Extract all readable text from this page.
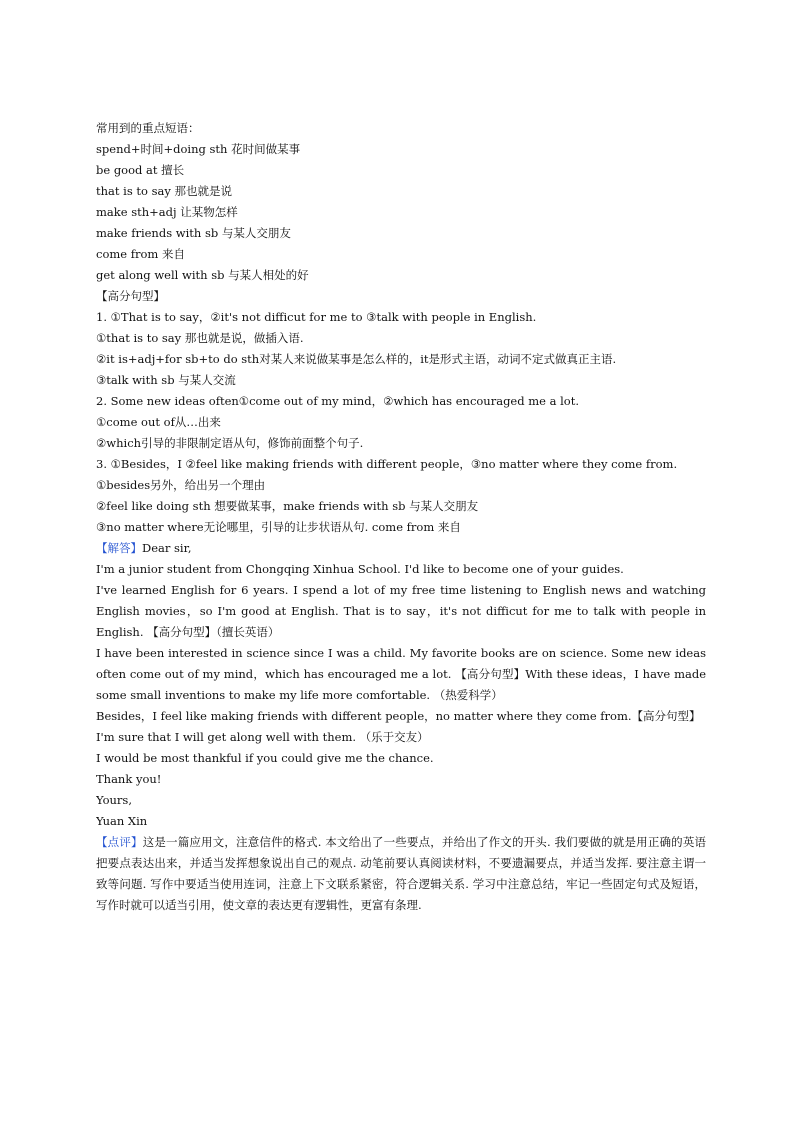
常用到的重点短语：
spend+时间+doing sth 花时间做某事
be good at 擅长
that is to say 那也就是说
make sth+adj 让某物怎样
make friends with sb 与某人交朋友
come from 来自
get along well with sb 与某人相处的好
【高分句型】
1. ①That is to say，②it's not difficut for me to ③talk with people in English.
①that is to say 那也就是说，做插入语.
②it is+adj+for sb+to do sth对某人来说做某事是怎么样的，it是形式主语，动词不定式做真正主语.
③talk with sb 与某人交流
2. Some new ideas often①come out of my mind，②which has encouraged me a lot.
①come out of从…出来
②which引导的非限制定语从句，修饰前面整个句子.
3. ①Besides，I ②feel like making friends with different people，③no matter where they come from.
①besides另外，给出另一个理由
②feel like doing sth 想要做某事，make friends with sb 与某人交朋友
③no matter where无论哪里，引导的让步状语从句. come from 来自
【解答】Dear sir,
I'm a junior student from Chongqing Xinhua School. I'd like to become one of your guides.
I've learned English for 6 years. I spend a lot of my free time listening to English news and watching English movies，so I'm good at English. That is to say，it's not difficut for me to talk with people in English. 【高分句型】（擅长英语）
I have been interested in science since I was a child. My favorite books are on science. Some new ideas often come out of my mind，which has encouraged me a lot. 【高分句型】With these ideas，I have made some small inventions to make my life more comfortable. （热爱科学）
Besides，I feel like making friends with different people，no matter where they come from.【高分句型】
I'm sure that I will get along well with them. （乐于交友）
I would be most thankful if you could give me the chance.
Thank you!
Yours,
Yuan Xin
【点评】这是一篇应用文，注意信件的格式. 本文给出了一些要点，并给出了作文的开头. 我们要做的就是用正确的英语把要点表达出来，并适当发挥想象说出自己的观点. 动笔前要认真阅读材料，不要遗漏要点，并适当发挥. 要注意主谓一致等问题. 写作中要适当使用连词，注意上下文联系紧密，符合逻辑关系. 学习中注意总结，牢记一些固定句式及短语，写作时就可以适当引用，使文章的表达更有逻辑性，更富有条理.
